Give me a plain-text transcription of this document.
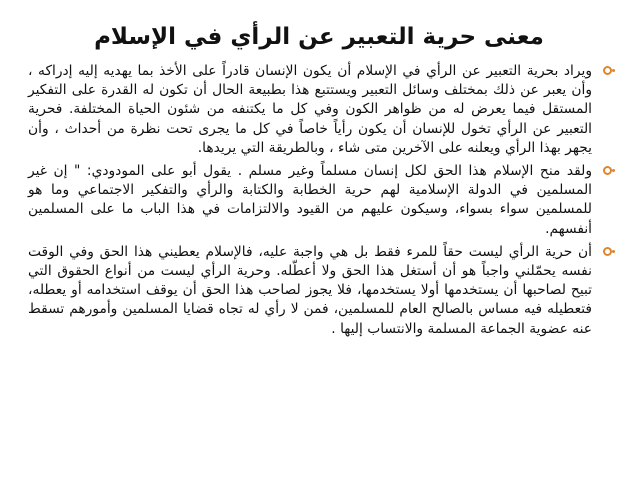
معنى حرية التعبير عن الرأي في الإسلام

ويراد بحرية التعبير عن الرأي في الإسلام أن يكون الإنسان قادراً على الأخذ بما يهديه إليه إدراكه ، وأن يعبر عن ذلك بمختلف وسائل التعبير ويستتبع هذا بطبيعة الحال أن تكون له القدرة على التفكير المستقل فيما يعرض له من ظواهر الكون وفي كل ما يكتنفه من شئون الحياة المختلفة. فحرية التعبير عن الرأي تخول للإنسان أن يكون رأياً خاصاً في كل ما يجرى تحت نظرة من أحداث ، وأن يجهر بهذا الرأي ويعلنه على الآخرين متى شاء ، وبالطريقة التي يريدها.

ولقد منح الإسلام هذا الحق لكل إنسان مسلماً وغير مسلم . يقول أبو على المودودي: " إن غير المسلمين في الدولة الإسلامية لهم حرية الخطابة والكتابة والرأي والتفكير الاجتماعي وما هو للمسلمين سواء بسواء، وسيكون عليهم من القيود والالتزامات في هذا الباب ما على المسلمين أنفسهم.

أن حرية الرأي ليست حقاً للمرء فقط بل هي واجبة عليه، فالإسلام يعطيني هذا الحق وفي الوقت نفسه يحمّلني واجباً هو أن أستغل هذا الحق ولا أعطّله. وحرية الرأي ليست من أنواع الحقوق التي تبيح لصاحبها أن يستخدمها أولا يستخدمها، فلا يجوز لصاحب هذا الحق أن يوقف استخدامه أو يعطله، فتعطيله فيه مساس بالصالح العام للمسلمين، فمن لا رأي له تجاه قضايا المسلمين وأمورهم تسقط عنه عضوية الجماعة المسلمة والانتساب إليها .
